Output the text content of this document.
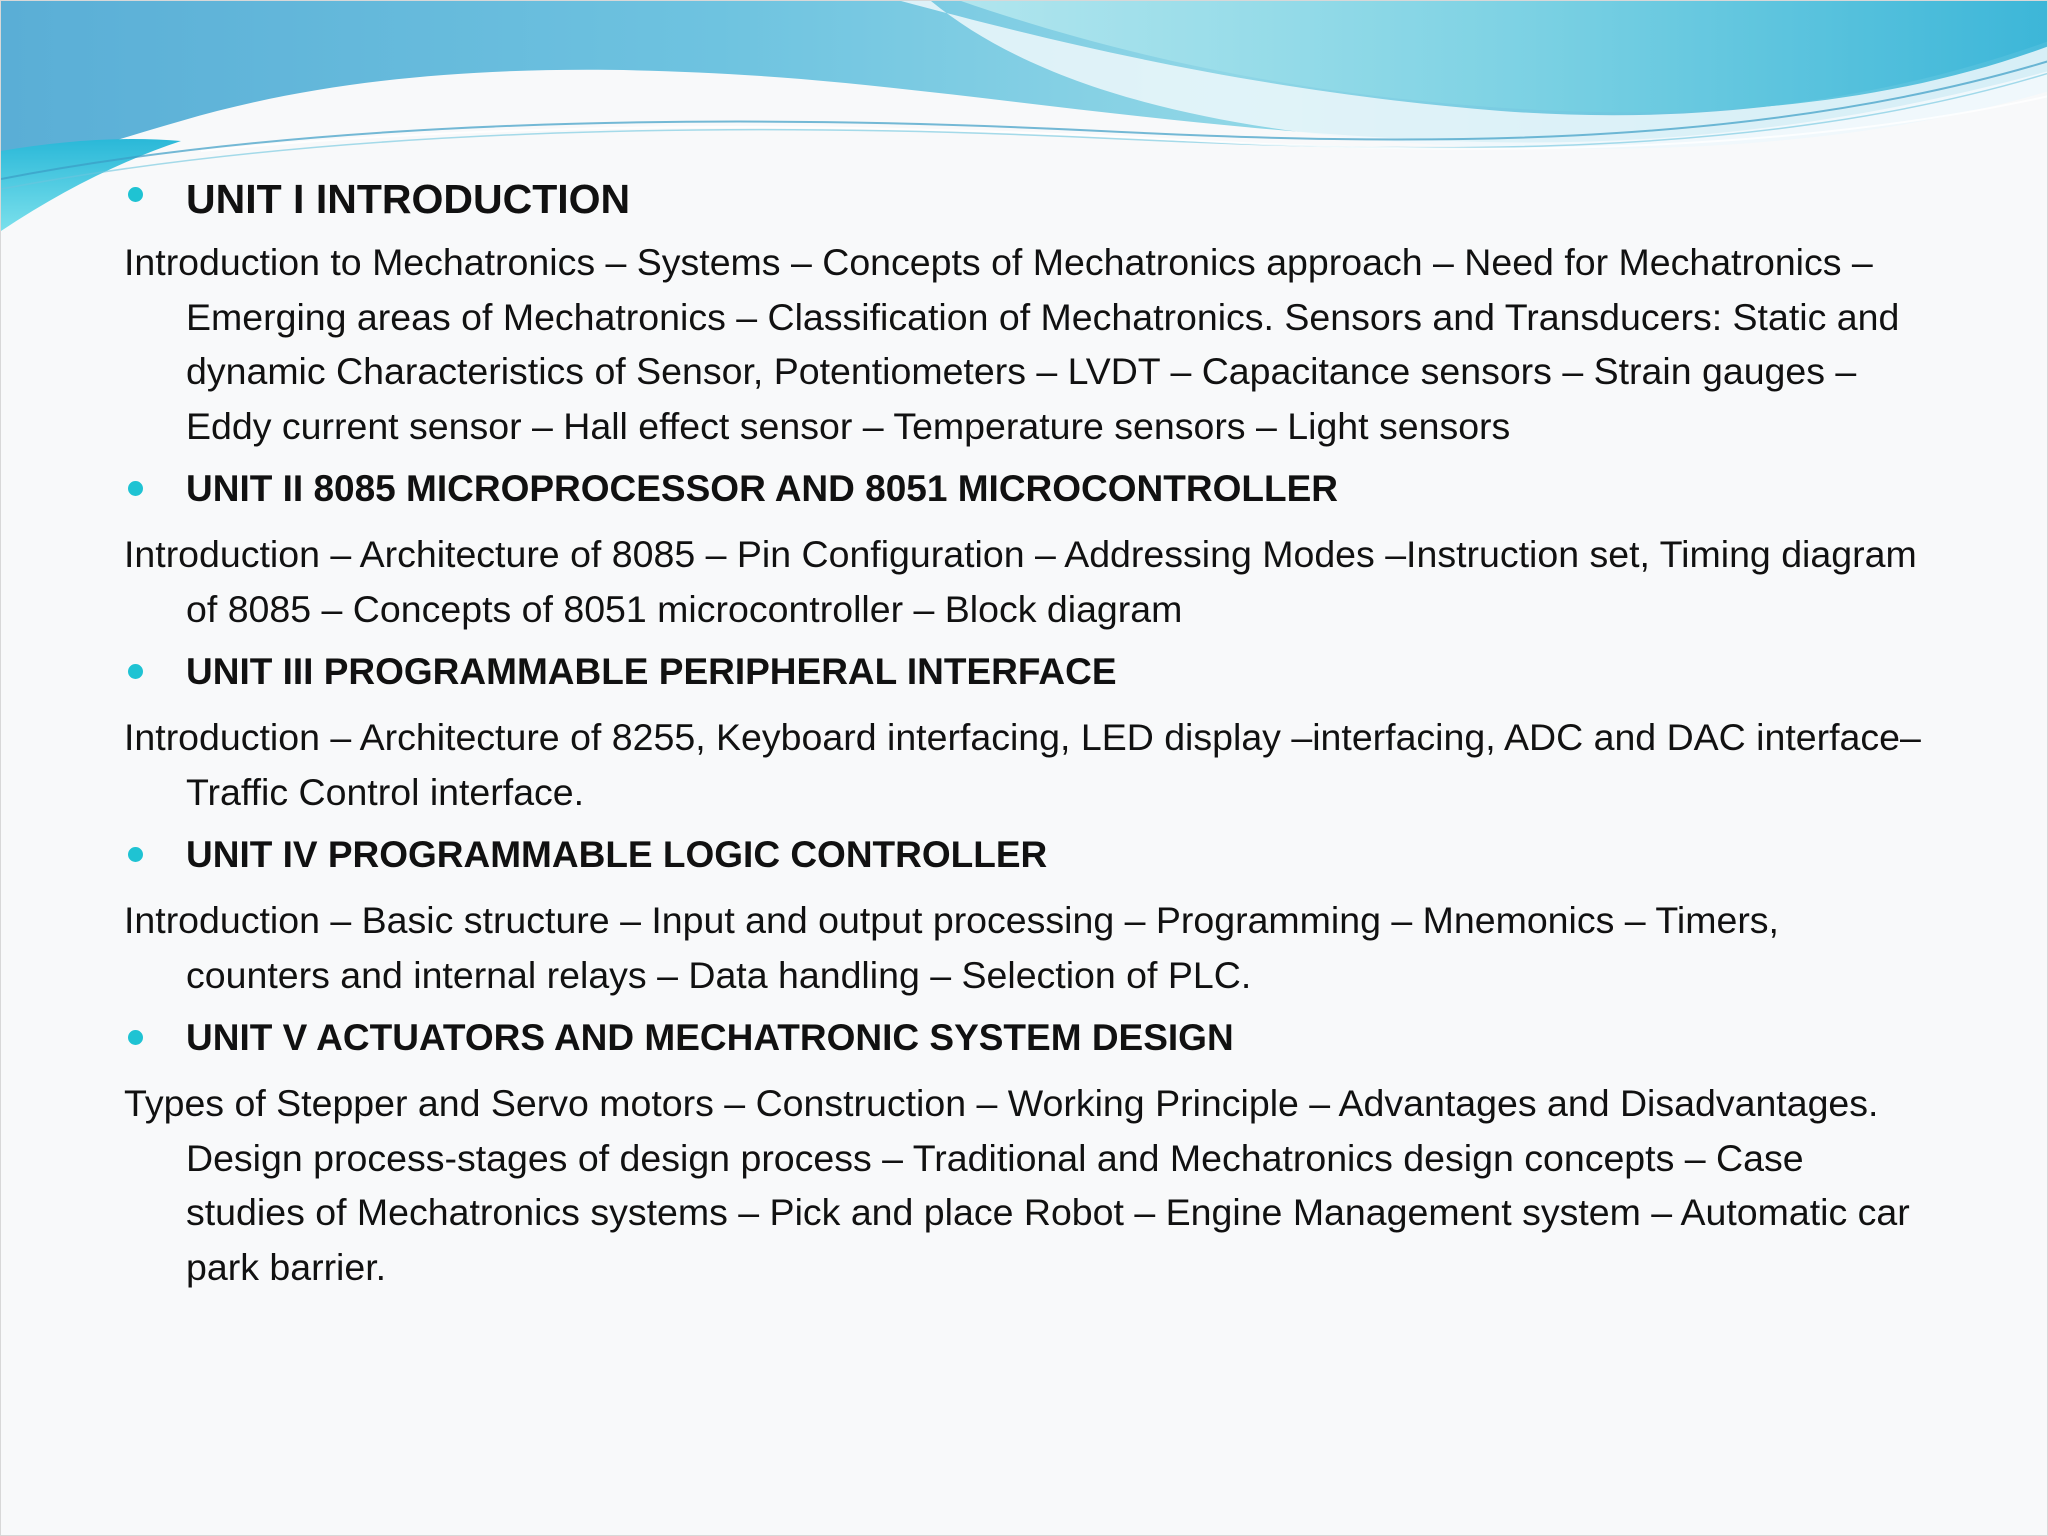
UNIT I INTRODUCTION
Introduction to Mechatronics – Systems – Concepts of Mechatronics approach – Need for Mechatronics – Emerging areas of Mechatronics – Classification of Mechatronics. Sensors and Transducers: Static and dynamic Characteristics of Sensor, Potentiometers – LVDT – Capacitance sensors – Strain gauges – Eddy current sensor – Hall effect sensor – Temperature sensors – Light sensors
UNIT II 8085 MICROPROCESSOR AND 8051 MICROCONTROLLER
Introduction – Architecture of 8085 – Pin Configuration – Addressing Modes –Instruction set, Timing diagram of 8085 – Concepts of 8051 microcontroller – Block diagram
UNIT III PROGRAMMABLE PERIPHERAL INTERFACE
Introduction – Architecture of 8255, Keyboard interfacing, LED display –interfacing, ADC and DAC interface– Traffic Control interface.
UNIT IV PROGRAMMABLE LOGIC CONTROLLER
Introduction – Basic structure – Input and output processing – Programming – Mnemonics – Timers, counters and internal relays – Data handling – Selection of PLC.
UNIT V ACTUATORS AND MECHATRONIC SYSTEM DESIGN
Types of Stepper and Servo motors – Construction – Working Principle – Advantages and Disadvantages. Design process-stages of design process – Traditional and Mechatronics design concepts – Case studies of Mechatronics systems – Pick and place Robot – Engine Management system – Automatic car park barrier.
